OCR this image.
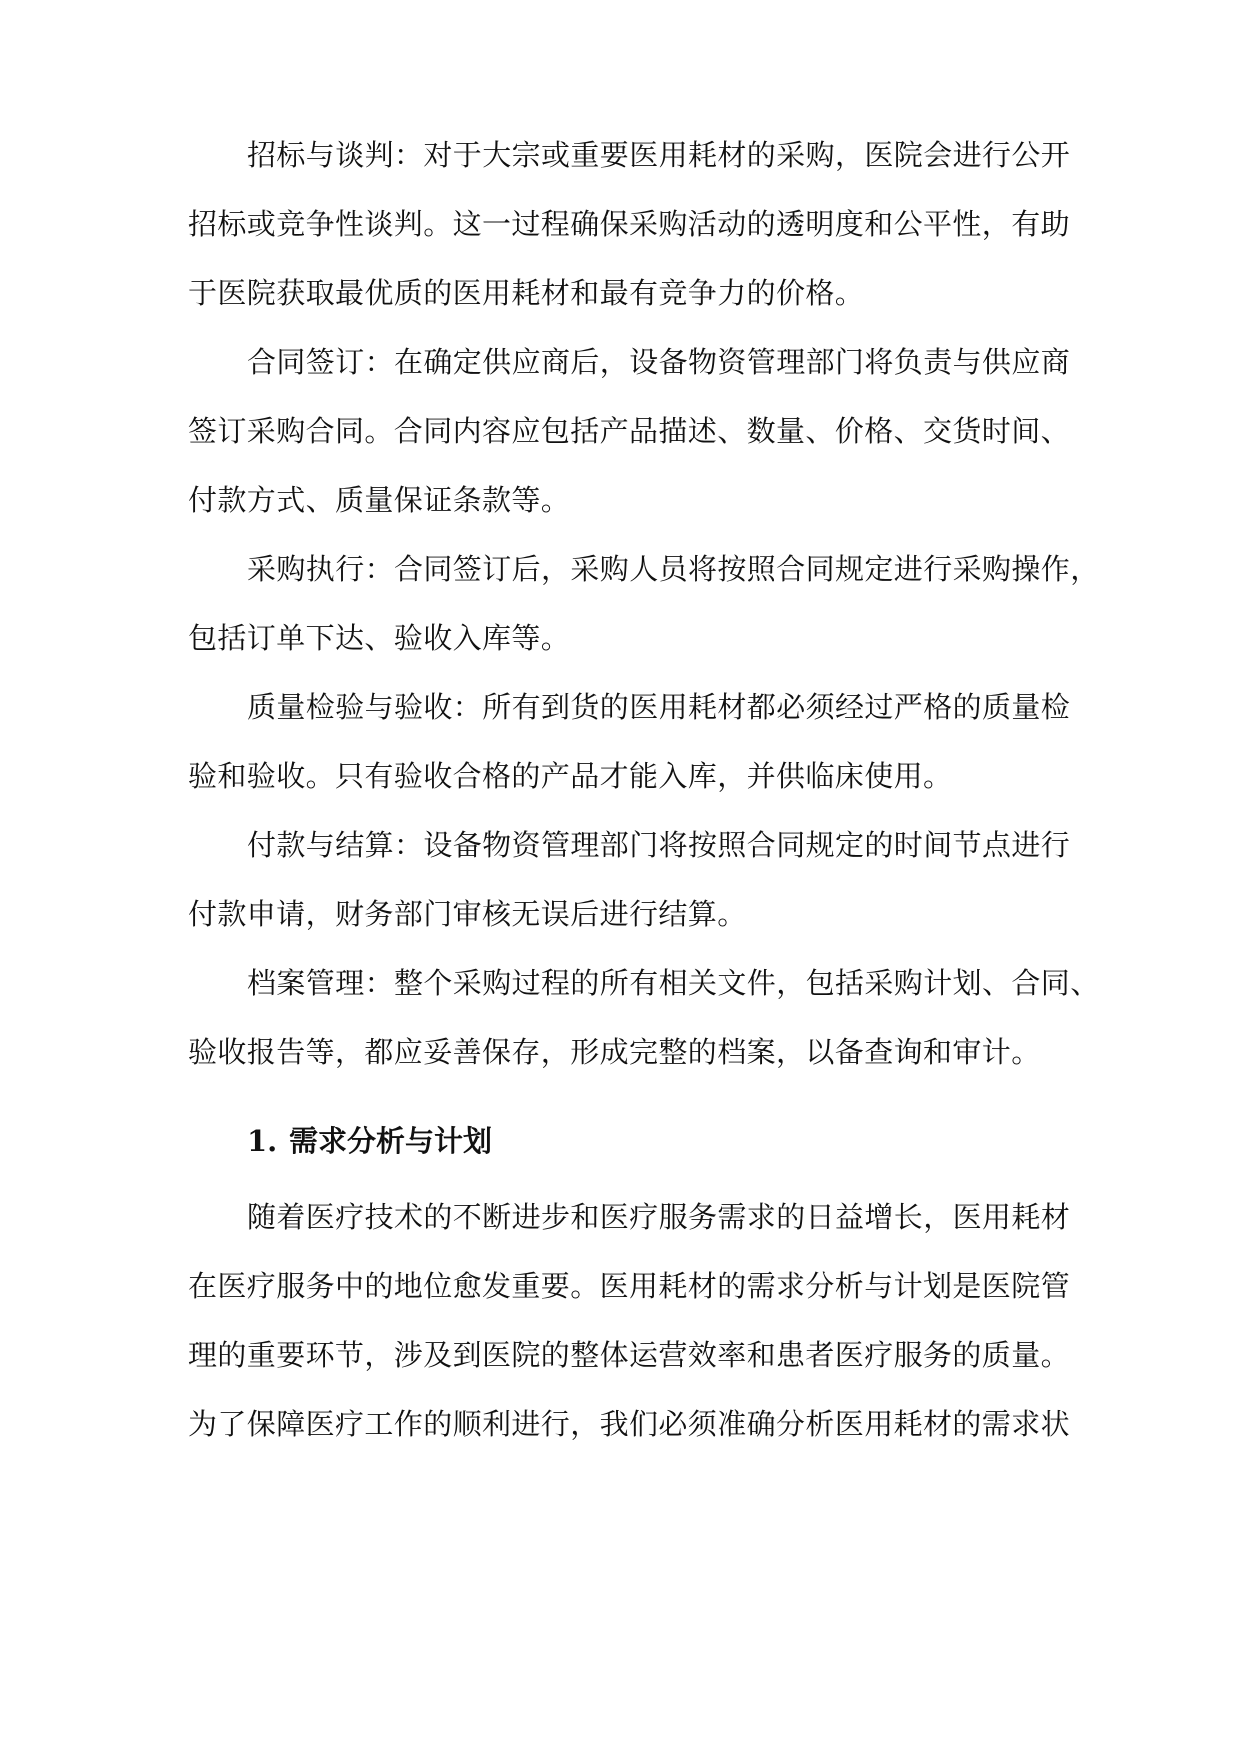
招标与谈判：对于大宗或重要医用耗材的采购，医院会进行公开
招标或竞争性谈判。这一过程确保采购活动的透明度和公平性，有助
于医院获取最优质的医用耗材和最有竞争力的价格。
合同签订：在确定供应商后，设备物资管理部门将负责与供应商
签订采购合同。合同内容应包括产品描述、数量、价格、交货时间、
付款方式、质量保证条款等。
采购执行：合同签订后，采购人员将按照合同规定进行采购操作，
包括订单下达、验收入库等。
质量检验与验收：所有到货的医用耗材都必须经过严格的质量检
验和验收。只有验收合格的产品才能入库，并供临床使用。
付款与结算：设备物资管理部门将按照合同规定的时间节点进行
付款申请，财务部门审核无误后进行结算。
档案管理：整个采购过程的所有相关文件，包括采购计划、合同、
验收报告等，都应妥善保存，形成完整的档案，以备查询和审计。
1. 需求分析与计划
随着医疗技术的不断进步和医疗服务需求的日益增长，医用耗材
在医疗服务中的地位愈发重要。医用耗材的需求分析与计划是医院管
理的重要环节，涉及到医院的整体运营效率和患者医疗服务的质量。
为了保障医疗工作的顺利进行，我们必须准确分析医用耗材的需求状
